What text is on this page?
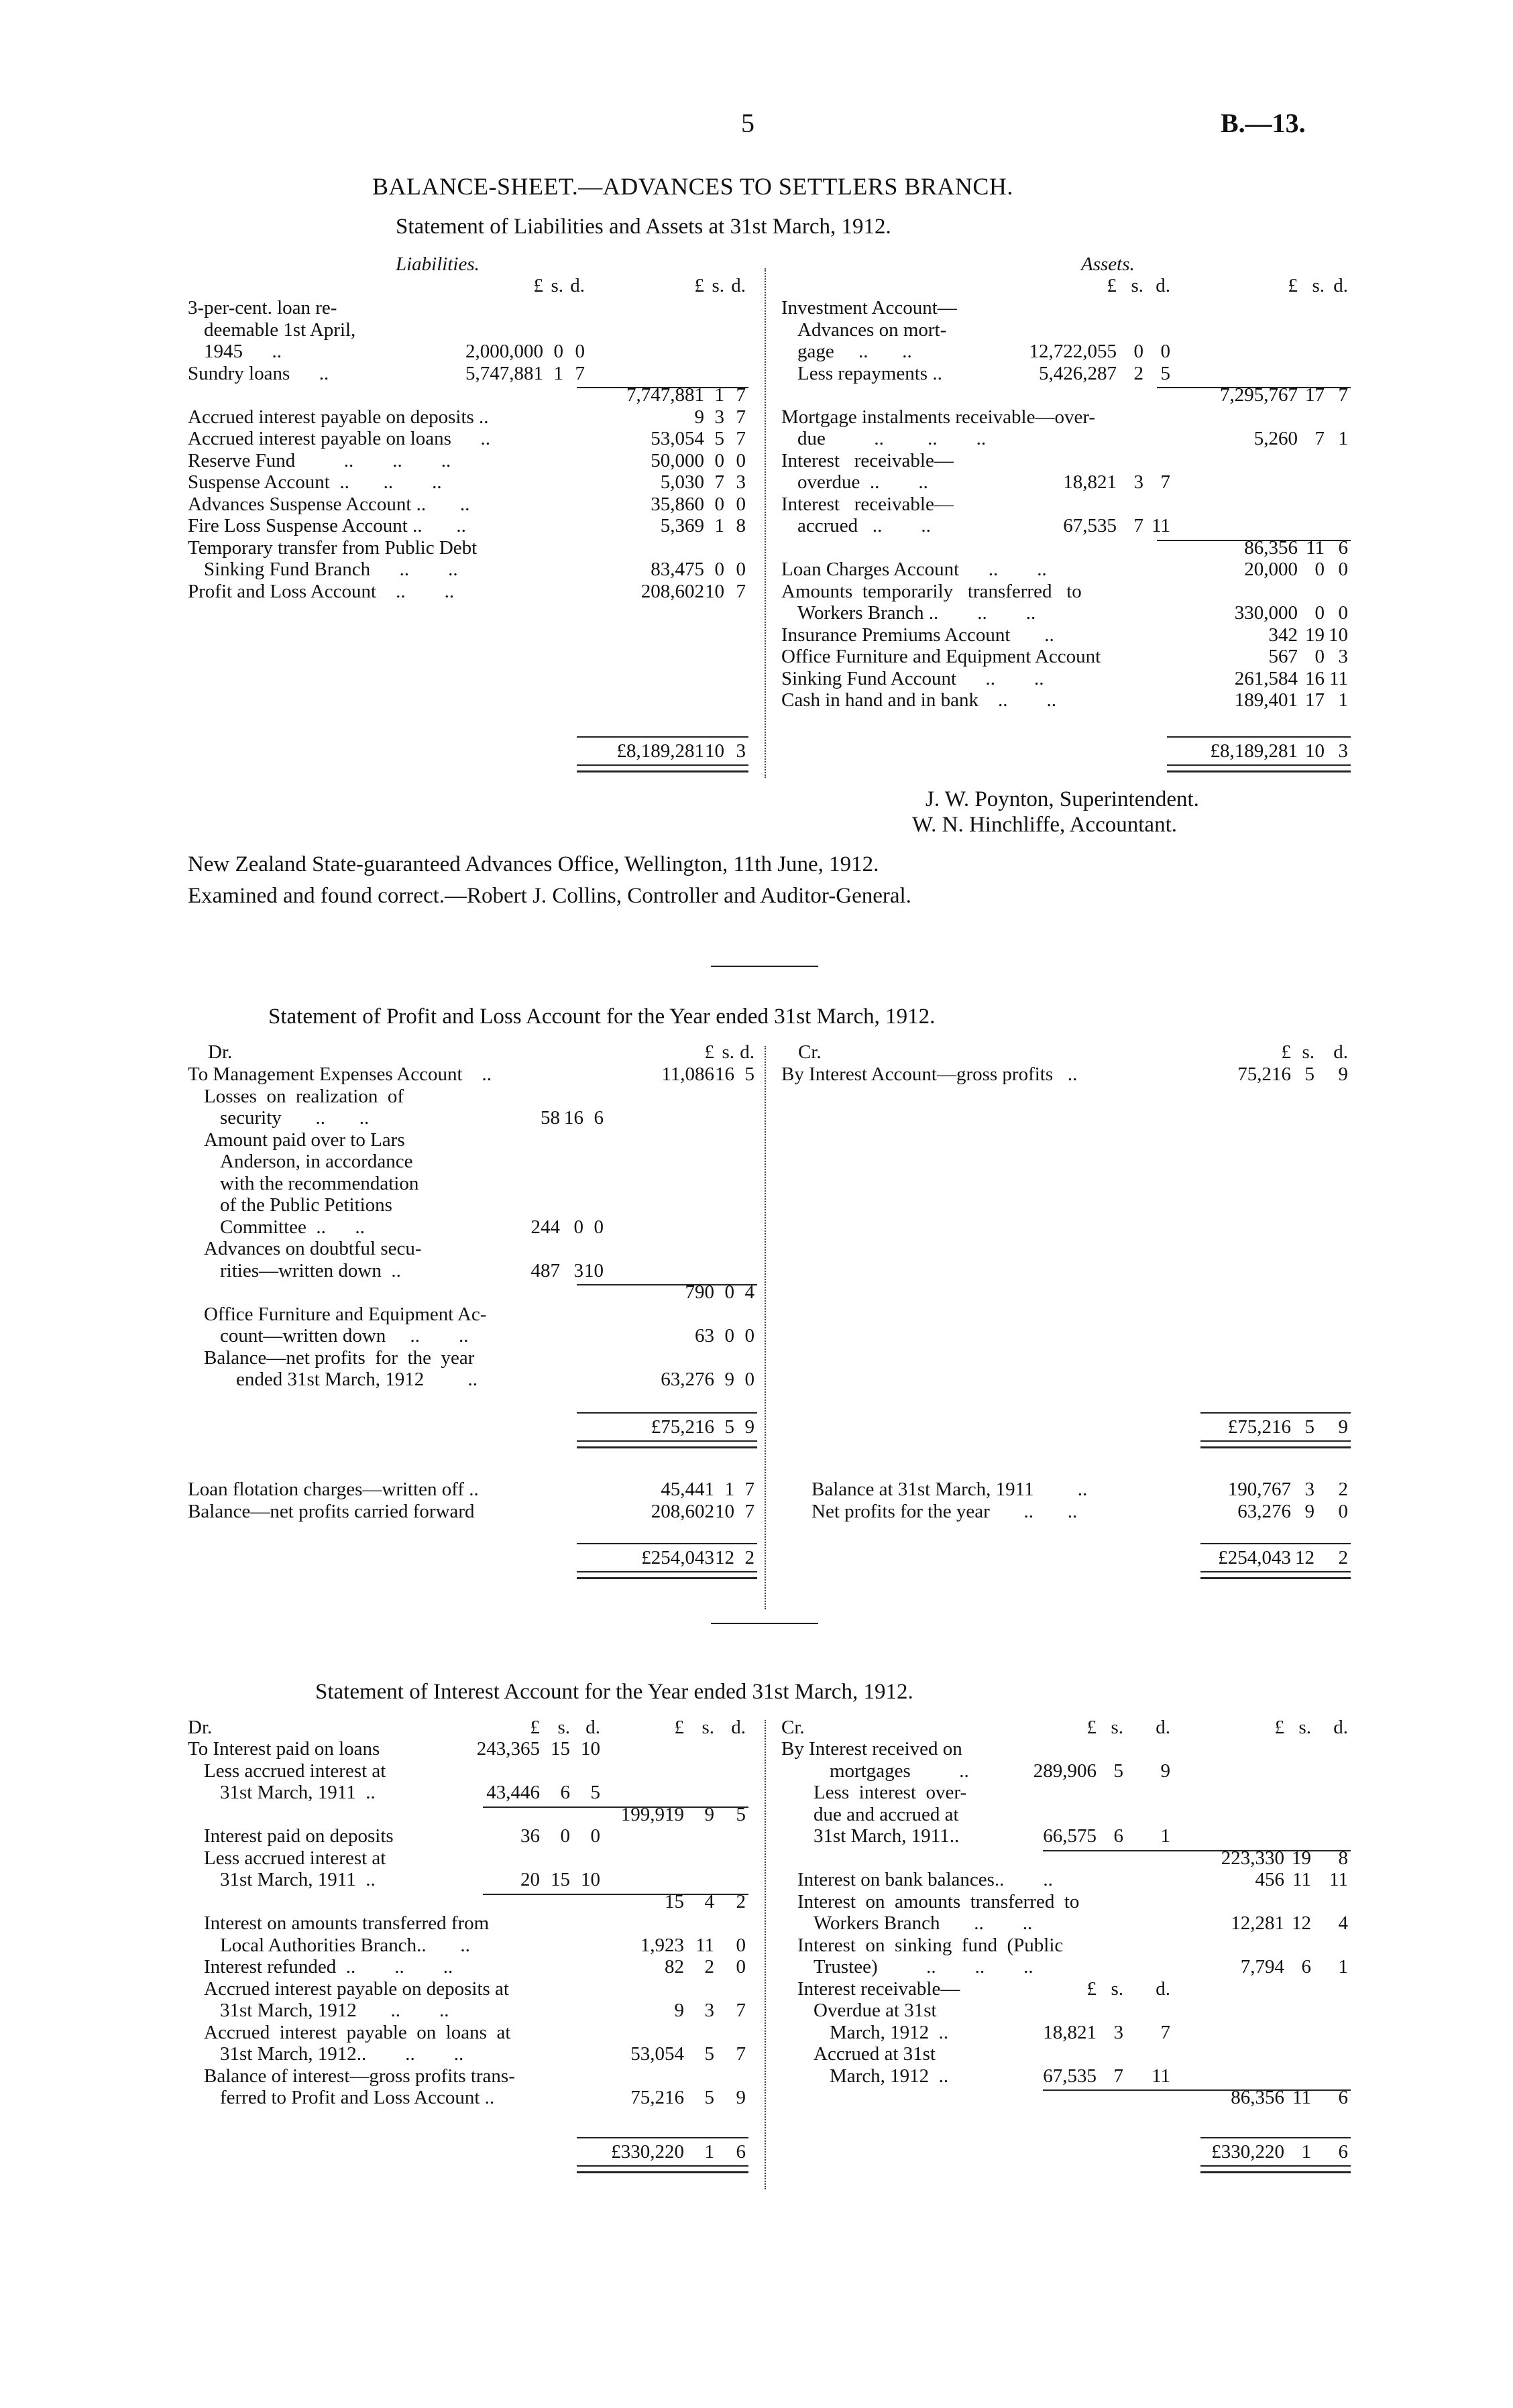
5	B.—13.
BALANCE-SHEET.—ADVANCES TO SETTLERS BRANCH.
Statement of Liabilities and Assets at 31st March, 1912.
Liabilities.	Assets.
£ s. d.	£ s. d.	£ s. d.	£ s. d.
3-per-cent. loan re-
deemable 1st April,
1945      ..	2,000,000 0 0
Sundry loans      ..	5,747,881 1 7
7,747,881 1 7
Accrued interest payable on deposits ..	9 3 7
Accrued interest payable on loans      ..	53,054 5 7
Reserve Fund          ..        ..        ..	50,000 0 0
Suspense Account  ..       ..        ..	5,030 7 3
Advances Suspense Account ..       ..	35,860 0 0
Fire Loss Suspense Account ..       ..	5,369 1 8
Temporary transfer from Public Debt
Sinking Fund Branch      ..        ..	83,475 0 0
Profit and Loss Account    ..        ..	208,602 10 7
Investment Account—
Advances on mort-
gage     ..       ..	12,722,055 0 0
Less repayments ..	5,426,287 2 5
7,295,767 17 7
Mortgage instalments receivable—over-
due          ..         ..        ..	5,260 7 1
Interest   receivable—
overdue  ..        ..	18,821 3 7
Interest   receivable—
accrued   ..        ..	67,535 7 11
86,356 11 6
Loan Charges Account      ..        ..	20,000 0 0
Amounts  temporarily   transferred   to
Workers Branch ..        ..        ..	330,000 0 0
Insurance Premiums Account       ..	342 19 10
Office Furniture and Equipment Account	567 0 3
Sinking Fund Account      ..        ..	261,584 16 11
Cash in hand and in bank    ..        ..	189,401 17 1
£8,189,281 10 3	£8,189,281 10 3
Dr.	Cr.
£ s. d.	£ s. d.
To Management Expenses Account    ..	11,086 16 5
Losses  on  realization  of
security       ..       ..	58 16 6
Amount paid over to Lars
Anderson, in accordance
with the recommendation
of the Public Petitions
Committee  ..      ..	244 0 0
Advances on doubtful secu-
rities—written down  ..	487 3 10
790 0 4
Office Furniture and Equipment Ac-
count—written down     ..        ..	63 0 0
Balance—net profits  for  the  year
ended 31st March, 1912         ..	63,276 9 0
By Interest Account—gross profits   ..	75,216 5	9
£75,216 5 9	£75,216 5	9
Loan flotation charges—written off ..	45,441 1 7
Balance—net profits carried forward	208,602 10 7
Balance at 31st March, 1911         ..	190,767 3	2
Net profits for the year       ..       ..	63,276 9	0
£254,043 12 2	£254,043 12	2
Dr.	Cr.
£ s. d.	£ s. d.	£ s.	d.	£ s.	d.
To Interest paid on loans	243,365 15 10
Less accrued interest at
31st March, 1911  ..	43,446	6	5
199,919	9	5
Interest paid on deposits	36	0	0
Less accrued interest at
31st March, 1911  ..	20 15 10
15	4	2
Interest on amounts transferred from
Local Authorities Branch..       ..	1,923 11	0
Interest refunded  ..        ..        ..	82	2	0
Accrued interest payable on deposits at
31st March, 1912       ..        ..	9	3	7
Accrued  interest  payable  on  loans  at
31st March, 1912..        ..        ..	53,054	5	7
Balance of interest—gross profits trans-
ferred to Profit and Loss Account ..	75,216	5	9
By Interest received on
mortgages          ..	289,906 5	9
Less  interest  over-
due and accrued at
31st March, 1911..	66,575 6	1
223,330 19	8
Interest on bank balances..        ..	456 11 11
Interest  on  amounts  transferred  to
Workers Branch       ..        ..	12,281 12	4
Interest  on  sinking  fund  (Public
Trustee)          ..        ..        ..	7,794 6	1
Interest receivable—	£ s.	d.
Overdue at 31st
March, 1912  ..	18,821 3	7
Accrued at 31st
March, 1912  ..	67,535 7	11
86,356 11	6
£330,220	1	6	£330,220 1	6
J. W. Poynton, Superintendent.
W. N. Hinchliffe, Accountant.
New Zealand State-guaranteed Advances Office, Wellington, 11th June, 1912.
Examined and found correct.—Robert J. Collins, Controller and Auditor-General.
Statement of Profit and Loss Account for the Year ended 31st March, 1912.
Statement of Interest Account for the Year ended 31st March, 1912.
